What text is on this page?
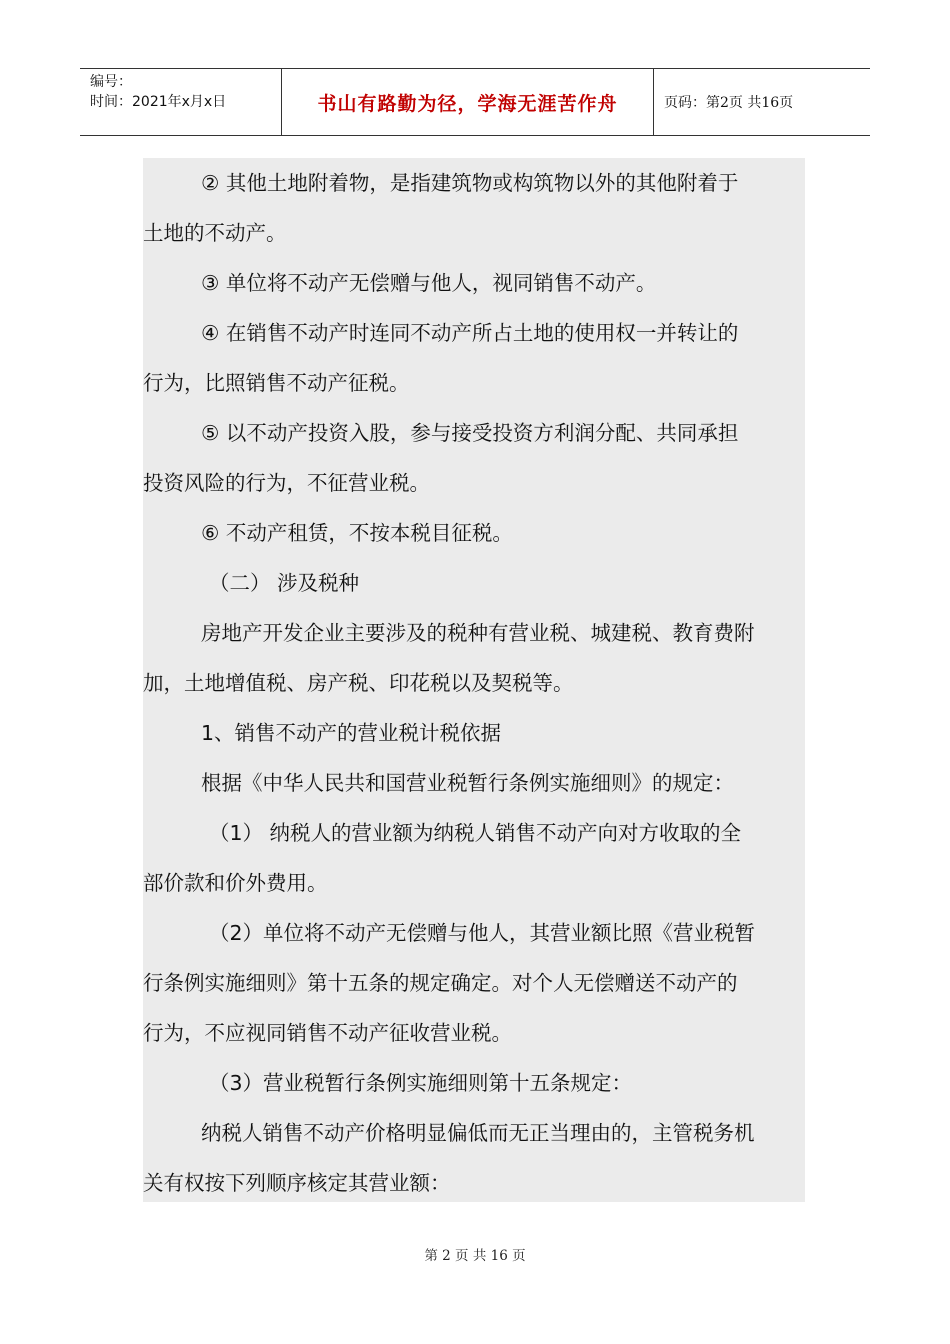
编号：
时间：2021年x月x日	书山有路勤为径，学海无涯苦作舟	页码：第2页 共16页
② 其他土地附着物，是指建筑物或构筑物以外的其他附着于
土地的不动产。
③ 单位将不动产无偿赠与他人，视同销售不动产。
④ 在销售不动产时连同不动产所占土地的使用权一并转让的
行为，比照销售不动产征税。
⑤ 以不动产投资入股，参与接受投资方利润分配、共同承担
投资风险的行为，不征营业税。
⑥ 不动产租赁，不按本税目征税。
（二） 涉及税种
房地产开发企业主要涉及的税种有营业税、城建税、教育费附
加，土地增值税、房产税、印花税以及契税等。
1、销售不动产的营业税计税依据
根据《中华人民共和国营业税暂行条例实施细则》的规定：
（1） 纳税人的营业额为纳税人销售不动产向对方收取的全
部价款和价外费用。
（2）单位将不动产无偿赠与他人，其营业额比照《营业税暂
行条例实施细则》第十五条的规定确定。对个人无偿赠送不动产的
行为，不应视同销售不动产征收营业税。
（3）营业税暂行条例实施细则第十五条规定：
纳税人销售不动产价格明显偏低而无正当理由的，主管税务机
关有权按下列顺序核定其营业额：
第 2 页 共 16 页
